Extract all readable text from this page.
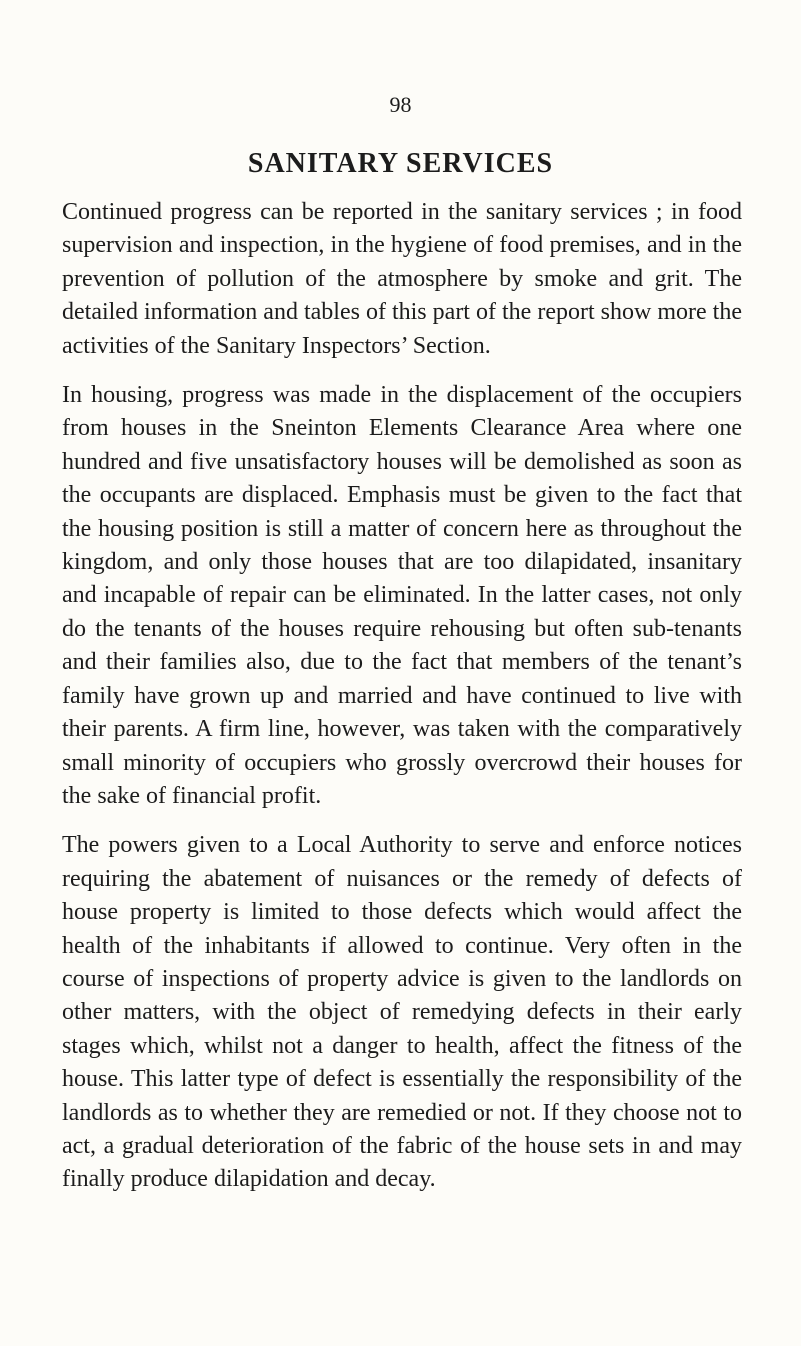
98
SANITARY SERVICES

Continued progress can be reported in the sanitary services ; in food supervision and inspection, in the hygiene of food premises, and in the prevention of pollution of the atmosphere by smoke and grit. The detailed information and tables of this part of the report show more the activities of the Sanitary Inspectors’ Section.

In housing, progress was made in the displacement of the occupiers from houses in the Sneinton Elements Clearance Area where one hundred and five unsatisfactory houses will be demolished as soon as the occupants are displaced. Emphasis must be given to the fact that the housing position is still a matter of concern here as throughout the kingdom, and only those houses that are too dilapidated, insanitary and incapable of repair can be eliminated. In the latter cases, not only do the tenants of the houses require rehousing but often sub-tenants and their families also, due to the fact that members of the tenant’s family have grown up and married and have continued to live with their parents. A firm line, however, was taken with the comparatively small minority of occupiers who grossly overcrowd their houses for the sake of financial profit.

The powers given to a Local Authority to serve and enforce notices requiring the abatement of nuisances or the remedy of defects of house property is limited to those defects which would affect the health of the inhabitants if allowed to continue. Very often in the course of inspections of property advice is given to the landlords on other matters, with the object of remedying defects in their early stages which, whilst not a danger to health, affect the fitness of the house. This latter type of defect is essentially the responsibility of the landlords as to whether they are remedied or not. If they choose not to act, a gradual deterioration of the fabric of the house sets in and may finally produce dilapidation and decay.
